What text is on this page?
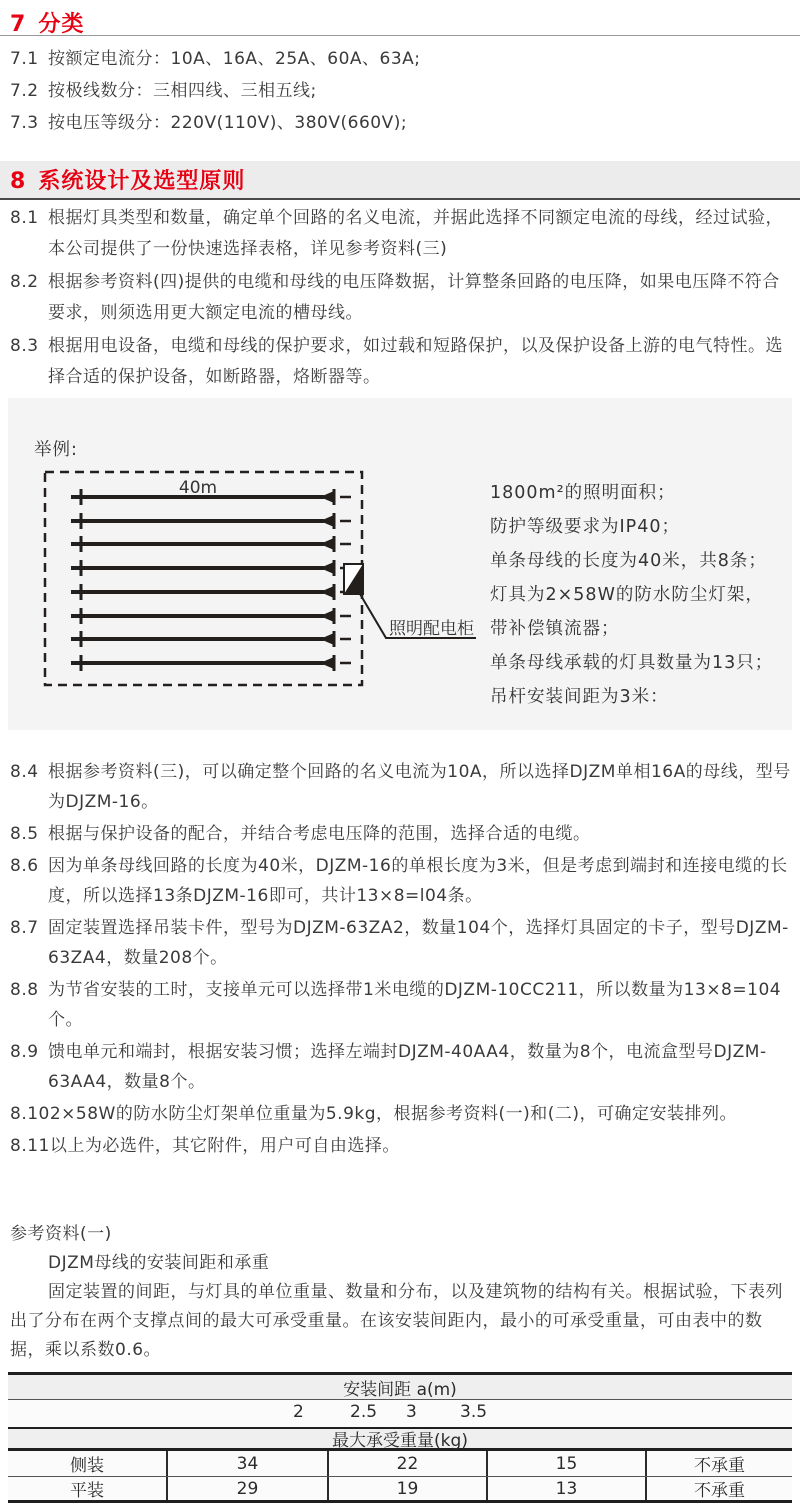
7 分类
7.1 按额定电流分：10A、16A、25A、60A、63A;
7.2 按极线数分：三相四线、三相五线;
7.3 按电压等级分：220V(110V)、380V(660V);
8 系统设计及选型原则
8.1 根据灯具类型和数量，确定单个回路的名义电流，并据此选择不同额定电流的母线，经过试验，本公司提供了一份快速选择表格，详见参考资料(三)
8.2 根据参考资料(四)提供的电缆和母线的电压降数据，计算整条回路的电压降，如果电压降不符合要求，则须选用更大额定电流的槽母线。
8.3 根据用电设备，电缆和母线的保护要求，如过载和短路保护，以及保护设备上游的电气特性。选择合适的保护设备，如断路器，烙断器等。
40m
照明配电柜
举例:
1800m²的照明面积；
防护等级要求为IP40；
单条母线的长度为40米，共8条；
灯具为2×58W的防水防尘灯架，
带补偿镇流器；
单条母线承载的灯具数量为13只；
吊杆安装间距为3米：
8.4 根据参考资料(三)，可以确定整个回路的名义电流为10A，所以选择DJZM单相16A的母线，型号为DJZM-16。
8.5 根据与保护设备的配合，并结合考虑电压降的范围，选择合适的电缆。
8.6 因为单条母线回路的长度为40米，DJZM-16的单根长度为3米，但是考虑到端封和连接电缆的长度，所以选择13条DJZM-16即可，共计13×8=l04条。
8.7 固定装置选择吊装卡件，型号为DJZM-63ZA2，数量104个，选择灯具固定的卡子，型号DJZM-63ZA4，数量208个。
8.8 为节省安装的工时，支接单元可以选择带1米电缆的DJZM-10CC211，所以数量为13×8=104个。
8.9 馈电单元和端封，根据安装习惯；选择左端封DJZM-40AA4，数量为8个，电流盒型号DJZM-63AA4，数量8个。
8.10 2×58W的防水防尘灯架单位重量为5.9kg，根据参考资料(一)和(二)，可确定安装排列。
8.11 以上为必选件，其它附件，用户可自由选择。
参考资料(一)
DJZM母线的安装间距和承重
固定装置的间距，与灯具的单位重量、数量和分布，以及建筑物的结构有关。根据试验，下表列出了分布在两个支撑点间的最大可承受重量。在该安装间距内，最小的可承受重量，可由表中的数据，乘以系数0.6。
安装间距 a(m)
2	2.5 3	3.5
最大承受重量(kg)
侧装	34	22	15	不承重
平装	29	19	13	不承重
